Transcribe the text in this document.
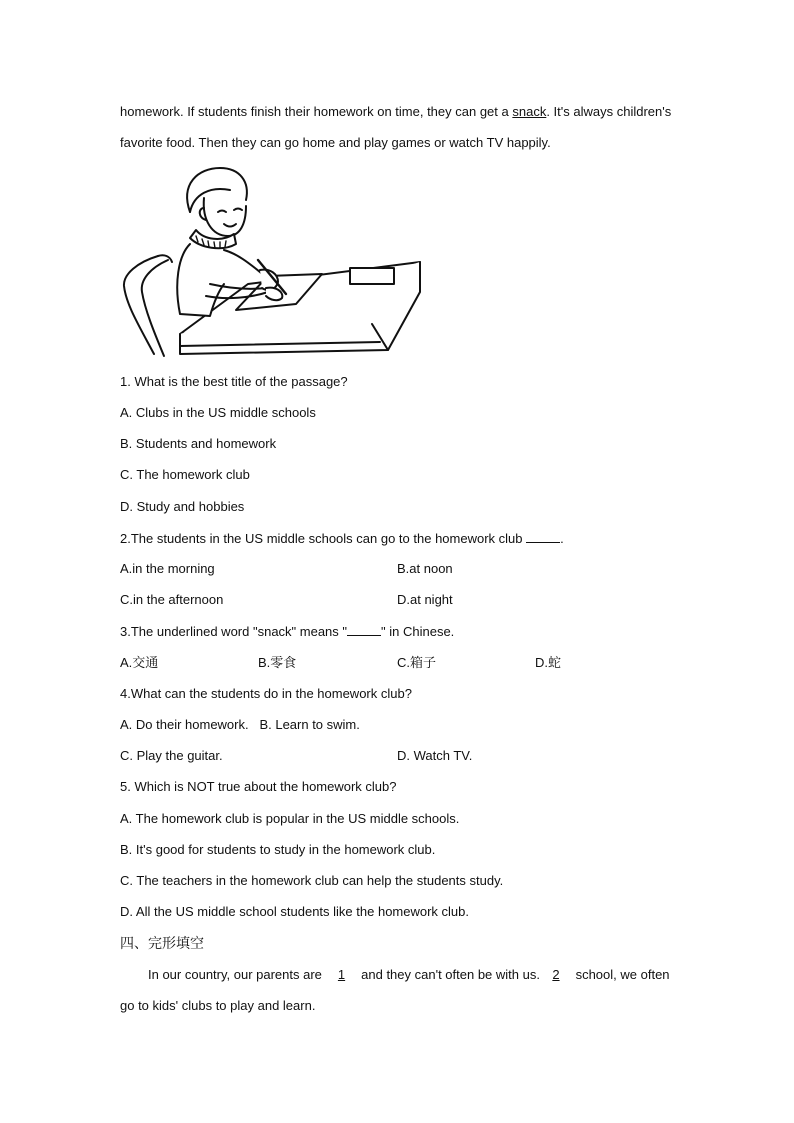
homework. If students finish their homework on time, they can get a snack. It's always children's
favorite food. Then they can go home and play games or watch TV happily.
1. What is the best title of the passage?
A. Clubs in the US middle schools
B. Students and homework
C. The homework club
D. Study and hobbies
2.The students in the US middle schools can go to the homework club	.
A.in the morning	B.at noon
C.in the afternoon	D.at night
3.The underlined word "snack" means "	" in Chinese.
A.交通	B.零食	C.箱子	D.蛇
4.What can the students do in the homework club?
A. Do their homework.   B. Learn to swim.
C. Play the guitar.	D. Watch TV.
5. Which is NOT true about the homework club?
A. The homework club is popular in the US middle schools.
B. It's good for students to study in the homework club.
C. The teachers in the homework club can help the students study.
D. All the US middle school students like the homework club.
四、完形填空
In our country, our parents are 1 and they can't often be with us. 2 school, we often
go to kids' clubs to play and learn.
